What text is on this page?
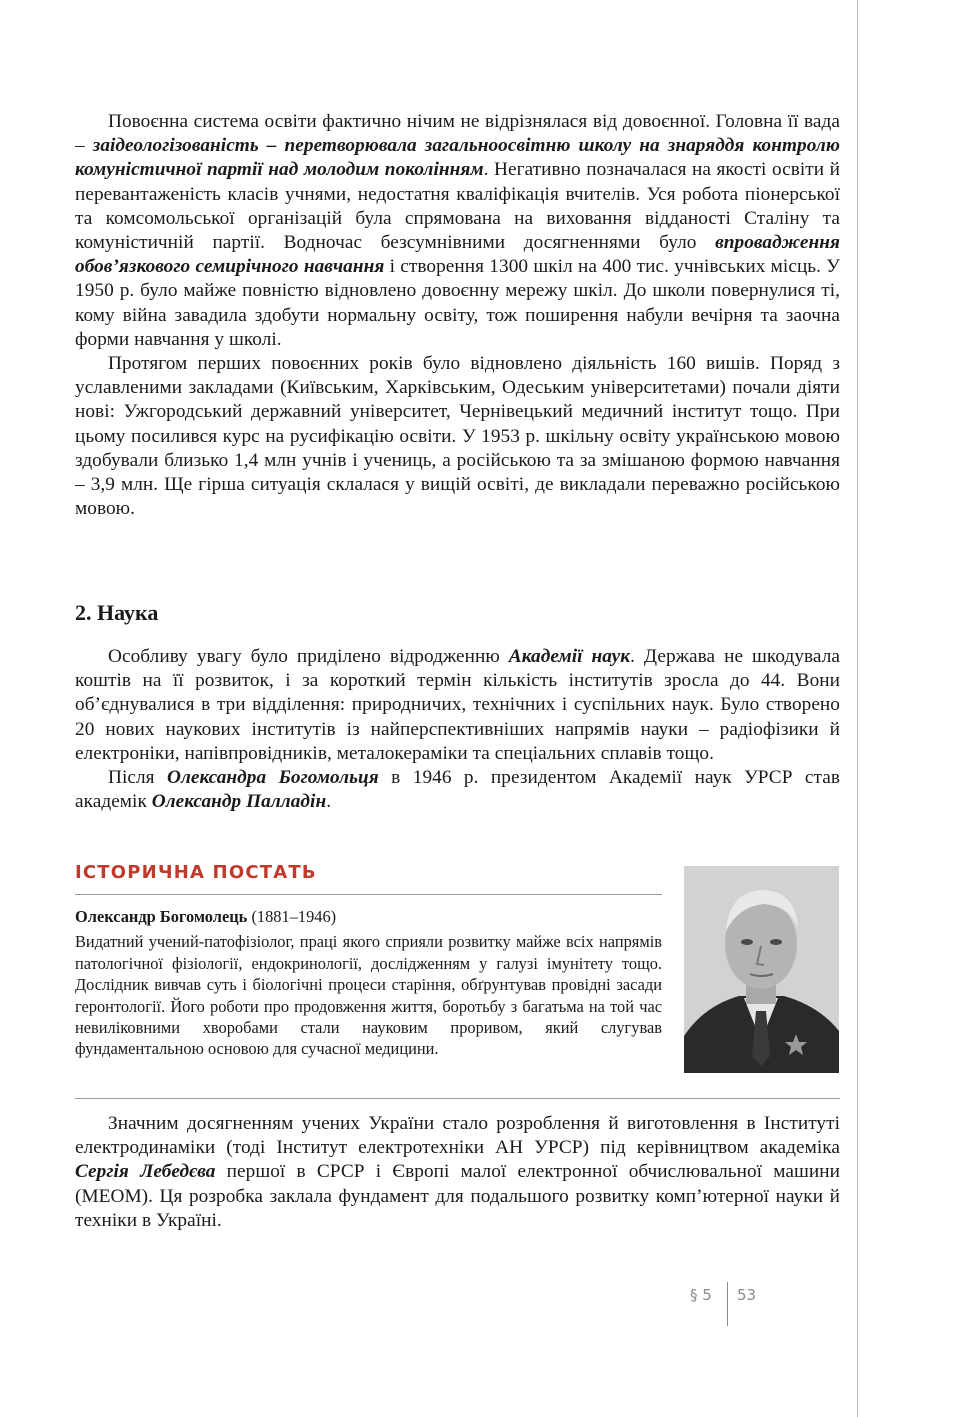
Повоєнна система освіти фактично нічим не відрізнялася від довоєнної. Головна її вада – заідеологізованість – перетворювала загальноосвітню школу на знаряддя контролю комуністичної партії над молодим поколінням. Негативно позначалася на якості освіти й перевантаженість класів учнями, недостатня кваліфікація вчителів. Уся робота піонерської та комсомольської організацій була спрямована на виховання відданості Сталіну та комуністичній партії. Водночас безсумнівними досягненнями було впровадження обов’язкового семирічного навчання і створення 1300 шкіл на 400 тис. учнівських місць. У 1950 р. було майже повністю відновлено довоєнну мережу шкіл. До школи повернулися ті, кому війна завадила здобути нормальну освіту, тож поширення набули вечірня та заочна форми навчання у школі.

Протягом перших повоєнних років було відновлено діяльність 160 вишів. Поряд з уславленими закладами (Київським, Харківським, Одеським університетами) почали діяти нові: Ужгородський державний університет, Чернівецький медичний інститут тощо. При цьому посилився курс на русифікацію освіти. У 1953 р. шкільну освіту українською мовою здобували близько 1,4 млн учнів і учениць, а російською та за змішаною формою навчання – 3,9 млн. Ще гірша ситуація склалася у вищій освіті, де викладали переважно російською мовою.

2. Наука

Особливу увагу було приділено відродженню Академії наук. Держава не шкодувала коштів на її розвиток, і за короткий термін кількість інститутів зросла до 44. Вони об’єднувалися в три відділення: природничих, технічних і суспільних наук. Було створено 20 нових наукових інститутів із найперспективніших напрямів науки – радіофізики й електроніки, напівпровідників, металокераміки та спеціальних сплавів тощо.

Після Олександра Богомольця в 1946 р. президентом Академії наук УРСР став академік Олександр Палладін.

ІСТОРИЧНА ПОСТАТЬ
Олександр Богомолець (1881–1946)

Видатний учений-патофізіолог, праці якого сприяли розвитку майже всіх напрямів патологічної фізіології, ендокринології, дослідженням у галузі імунітету тощо. Дослідник вивчав суть і біологічні процеси старіння, обґрунтував провідні засади геронтології. Його роботи про продовження життя, боротьбу з багатьма на той час невиліковними хворобами стали науковим проривом, який слугував фундаментальною основою для сучасної медицини.

Значним досягненням учених України стало розроблення й виготовлення в Інституті електродинаміки (тоді Інститут електротехніки АН УРСР) під керівництвом академіка Сергія Лебедєва першої в СРСР і Європі малої електронної обчислювальної машини (МЕОМ). Ця розробка заклала фундамент для подальшого розвитку комп’ютерної науки й техніки в Україні.

§ 5 53
